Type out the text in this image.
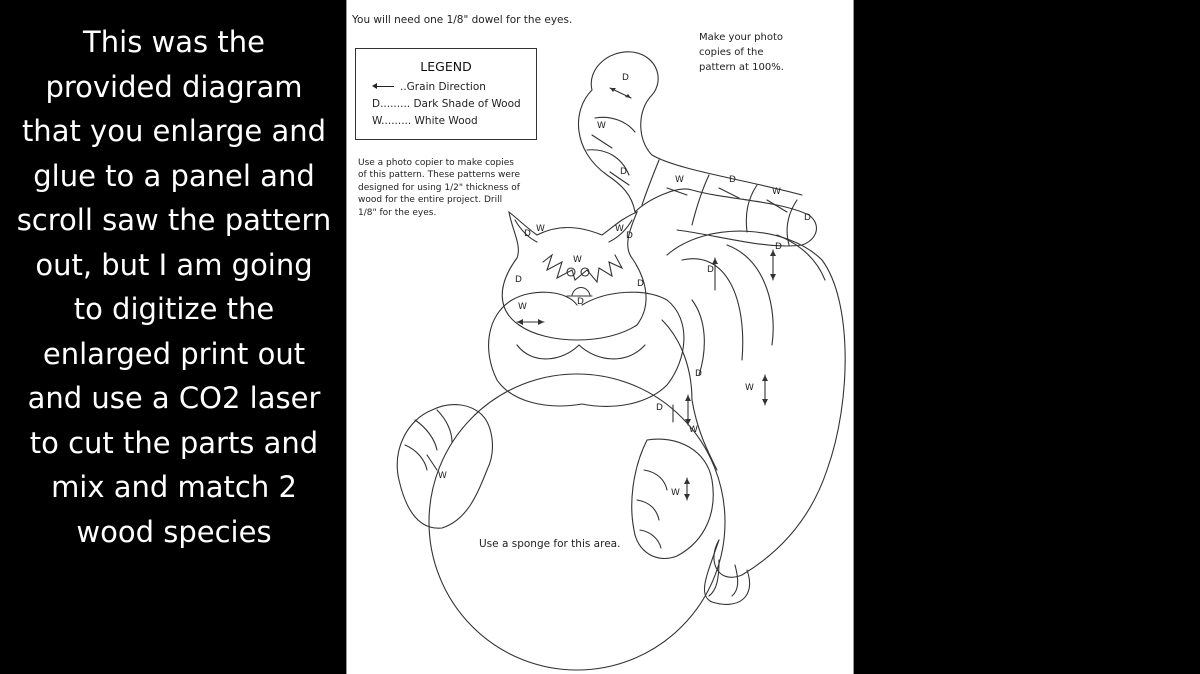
This was the
provided diagram
that you enlarge and
glue to a panel and
scroll saw the pattern
out, but I am going
to digitize the
enlarged print out
and use a CO2 laser
to cut the parts and
mix and match 2
wood species
D
W
D
W	D
W
D
D
D
D W	W
D
W
D	D
D
W
D
W
D
W
W
W
You will need one 1/8" dowel for the eyes.
Make your photo
copies of the
pattern at 100%.
LEGEND
..Grain Direction
D......... Dark Shade of Wood
W......... White Wood
Use a photo copier to make copies
of this pattern. These patterns were
designed for using 1/2" thickness of
wood for the entire project. Drill
1/8" for the eyes.
Use a sponge for this area.
